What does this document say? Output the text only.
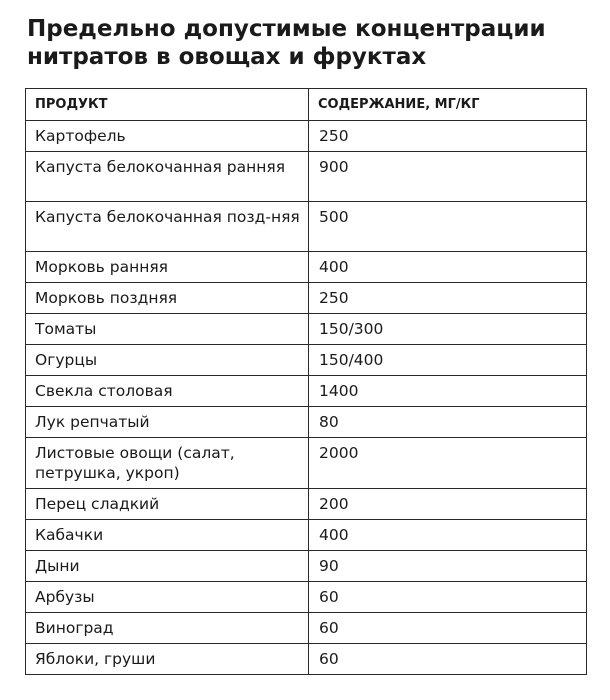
Предельно допустимые концентрации нитратов в овощах и фруктах
ПРОДУКТ	СОДЕРЖАНИЕ, МГ/КГ
Картофель	250
Капуста белокочанная ранняя	900
Капуста белокочанная позд-няя	500
Морковь ранняя	400
Морковь поздняя	250
Томаты	150/300
Огурцы	150/400
Свекла столовая	1400
Лук репчатый	80
Листовые овощи (салат, петрушка, укроп)	2000
Перец сладкий	200
Кабачки	400
Дыни	90
Арбузы	60
Виноград	60
Яблоки, груши	60
